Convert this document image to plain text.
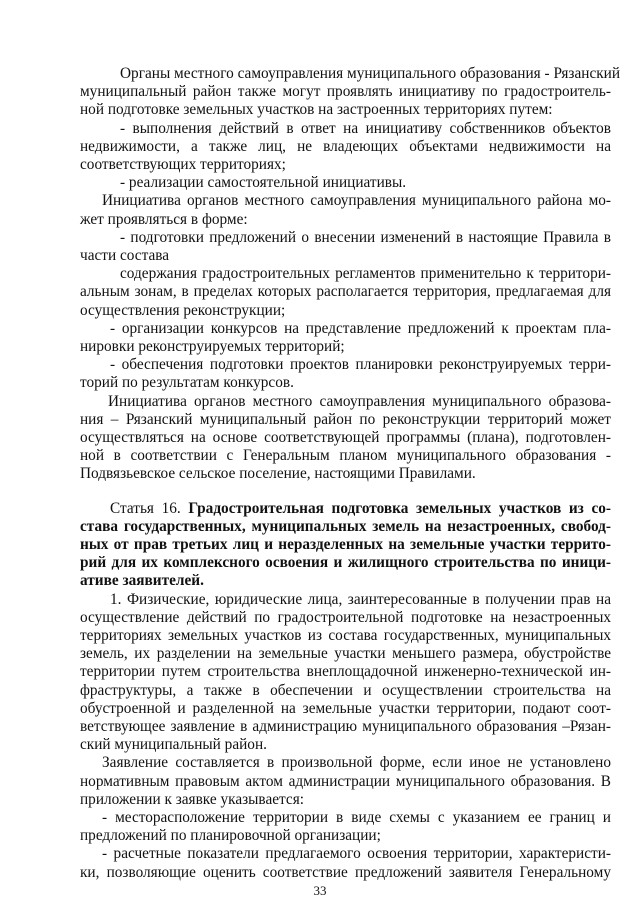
Органы местного самоуправления муниципального образования - Рязанский
муниципальный район также могут проявлять инициативу по градостроитель-
ной подготовке земельных участков на застроенных территориях путем:
- выполнения действий в ответ на инициативу собственников объектов
недвижимости, а также лиц, не владеющих объектами недвижимости на
соответствующих территориях;
- реализации самостоятельной инициативы.
Инициатива органов местного самоуправления муниципального района мо-
жет проявляться в форме:
- подготовки предложений о внесении изменений в настоящие Правила в
части состава
содержания градостроительных регламентов применительно к территори-
альным зонам, в пределах которых располагается территория, предлагаемая для
осуществления реконструкции;
- организации конкурсов на представление предложений к проектам пла-
нировки реконструируемых территорий;
- обеспечения подготовки проектов планировки реконструируемых терри-
торий по результатам конкурсов.
Инициатива органов местного самоуправления муниципального образова-
ния – Рязанский муниципальный район по реконструкции территорий может
осуществляться на основе соответствующей программы (плана), подготовлен-
ной в соответствии с Генеральным планом муниципального образования -
Подвязьевское сельское поселение, настоящими Правилами.
Статья 16. Градостроительная подготовка земельных участков из со-
става государственных, муниципальных земель на незастроенных, свобод-
ных от прав третьих лиц и неразделенных на земельные участки террито-
рий для их комплексного освоения и жилищного строительства по иници-
ативе заявителей.
1. Физические, юридические лица, заинтересованные в получении прав на
осуществление действий по градостроительной подготовке на незастроенных
территориях земельных участков из состава государственных, муниципальных
земель, их разделении на земельные участки меньшего размера, обустройстве
территории путем строительства внеплощадочной инженерно-технической ин-
фраструктуры, а также в обеспечении и осуществлении строительства на
обустроенной и разделенной на земельные участки территории, подают соот-
ветствующее заявление в администрацию муниципального образования –Рязан-
ский муниципальный район.
Заявление составляется в произвольной форме, если иное не установлено
нормативным правовым актом администрации муниципального образования. В
приложении к заявке указывается:
- месторасположение территории в виде схемы с указанием ее границ и
предложений по планировочной организации;
- расчетные показатели предлагаемого освоения территории, характеристи-
ки, позволяющие оценить соответствие предложений заявителя Генеральному
33
